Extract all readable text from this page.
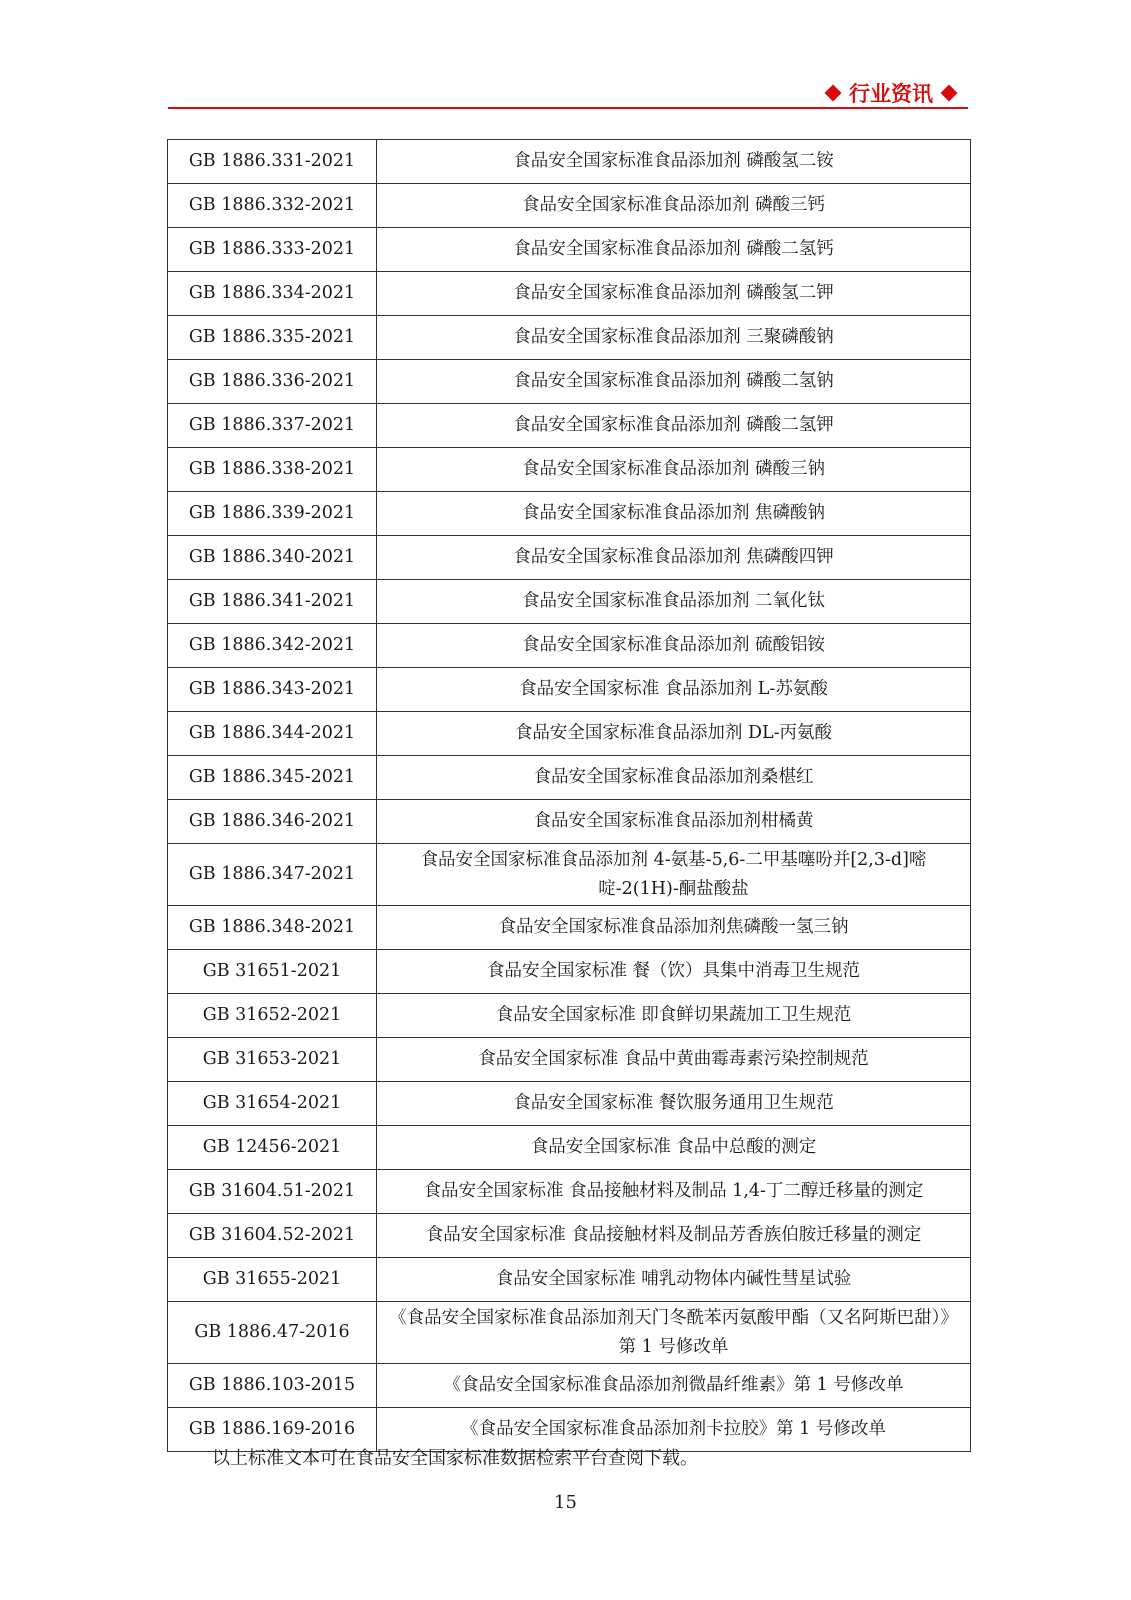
行业资讯
GB 1886.331-2021	食品安全国家标准食品添加剂 磷酸氢二铵
GB 1886.332-2021	食品安全国家标准食品添加剂 磷酸三钙
GB 1886.333-2021	食品安全国家标准食品添加剂 磷酸二氢钙
GB 1886.334-2021	食品安全国家标准食品添加剂 磷酸氢二钾
GB 1886.335-2021	食品安全国家标准食品添加剂 三聚磷酸钠
GB 1886.336-2021	食品安全国家标准食品添加剂 磷酸二氢钠
GB 1886.337-2021	食品安全国家标准食品添加剂 磷酸二氢钾
GB 1886.338-2021	食品安全国家标准食品添加剂 磷酸三钠
GB 1886.339-2021	食品安全国家标准食品添加剂 焦磷酸钠
GB 1886.340-2021	食品安全国家标准食品添加剂 焦磷酸四钾
GB 1886.341-2021	食品安全国家标准食品添加剂 二氧化钛
GB 1886.342-2021	食品安全国家标准食品添加剂 硫酸铝铵
GB 1886.343-2021	食品安全国家标准 食品添加剂 L-苏氨酸
GB 1886.344-2021	食品安全国家标准食品添加剂 DL-丙氨酸
GB 1886.345-2021	食品安全国家标准食品添加剂桑椹红
GB 1886.346-2021	食品安全国家标准食品添加剂柑橘黄
GB 1886.347-2021	食品安全国家标准食品添加剂 4-氨基-5,6-二甲基噻吩并[2,3-d]嘧啶-2(1H)-酮盐酸盐
GB 1886.348-2021	食品安全国家标准食品添加剂焦磷酸一氢三钠
GB 31651-2021	食品安全国家标准 餐（饮）具集中消毒卫生规范
GB 31652-2021	食品安全国家标准 即食鲜切果蔬加工卫生规范
GB 31653-2021	食品安全国家标准 食品中黄曲霉毒素污染控制规范
GB 31654-2021	食品安全国家标准 餐饮服务通用卫生规范
GB 12456-2021	食品安全国家标准 食品中总酸的测定
GB 31604.51-2021	食品安全国家标准 食品接触材料及制品 1,4-丁二醇迁移量的测定
GB 31604.52-2021	食品安全国家标准 食品接触材料及制品芳香族伯胺迁移量的测定
GB 31655-2021	食品安全国家标准 哺乳动物体内碱性彗星试验
GB 1886.47-2016	《食品安全国家标准食品添加剂天门冬酰苯丙氨酸甲酯（又名阿斯巴甜）》第 1 号修改单
GB 1886.103-2015	《食品安全国家标准食品添加剂微晶纤维素》第 1 号修改单
GB 1886.169-2016	《食品安全国家标准食品添加剂卡拉胶》第 1 号修改单
以上标准文本可在食品安全国家标准数据检索平台查阅下载。
15
